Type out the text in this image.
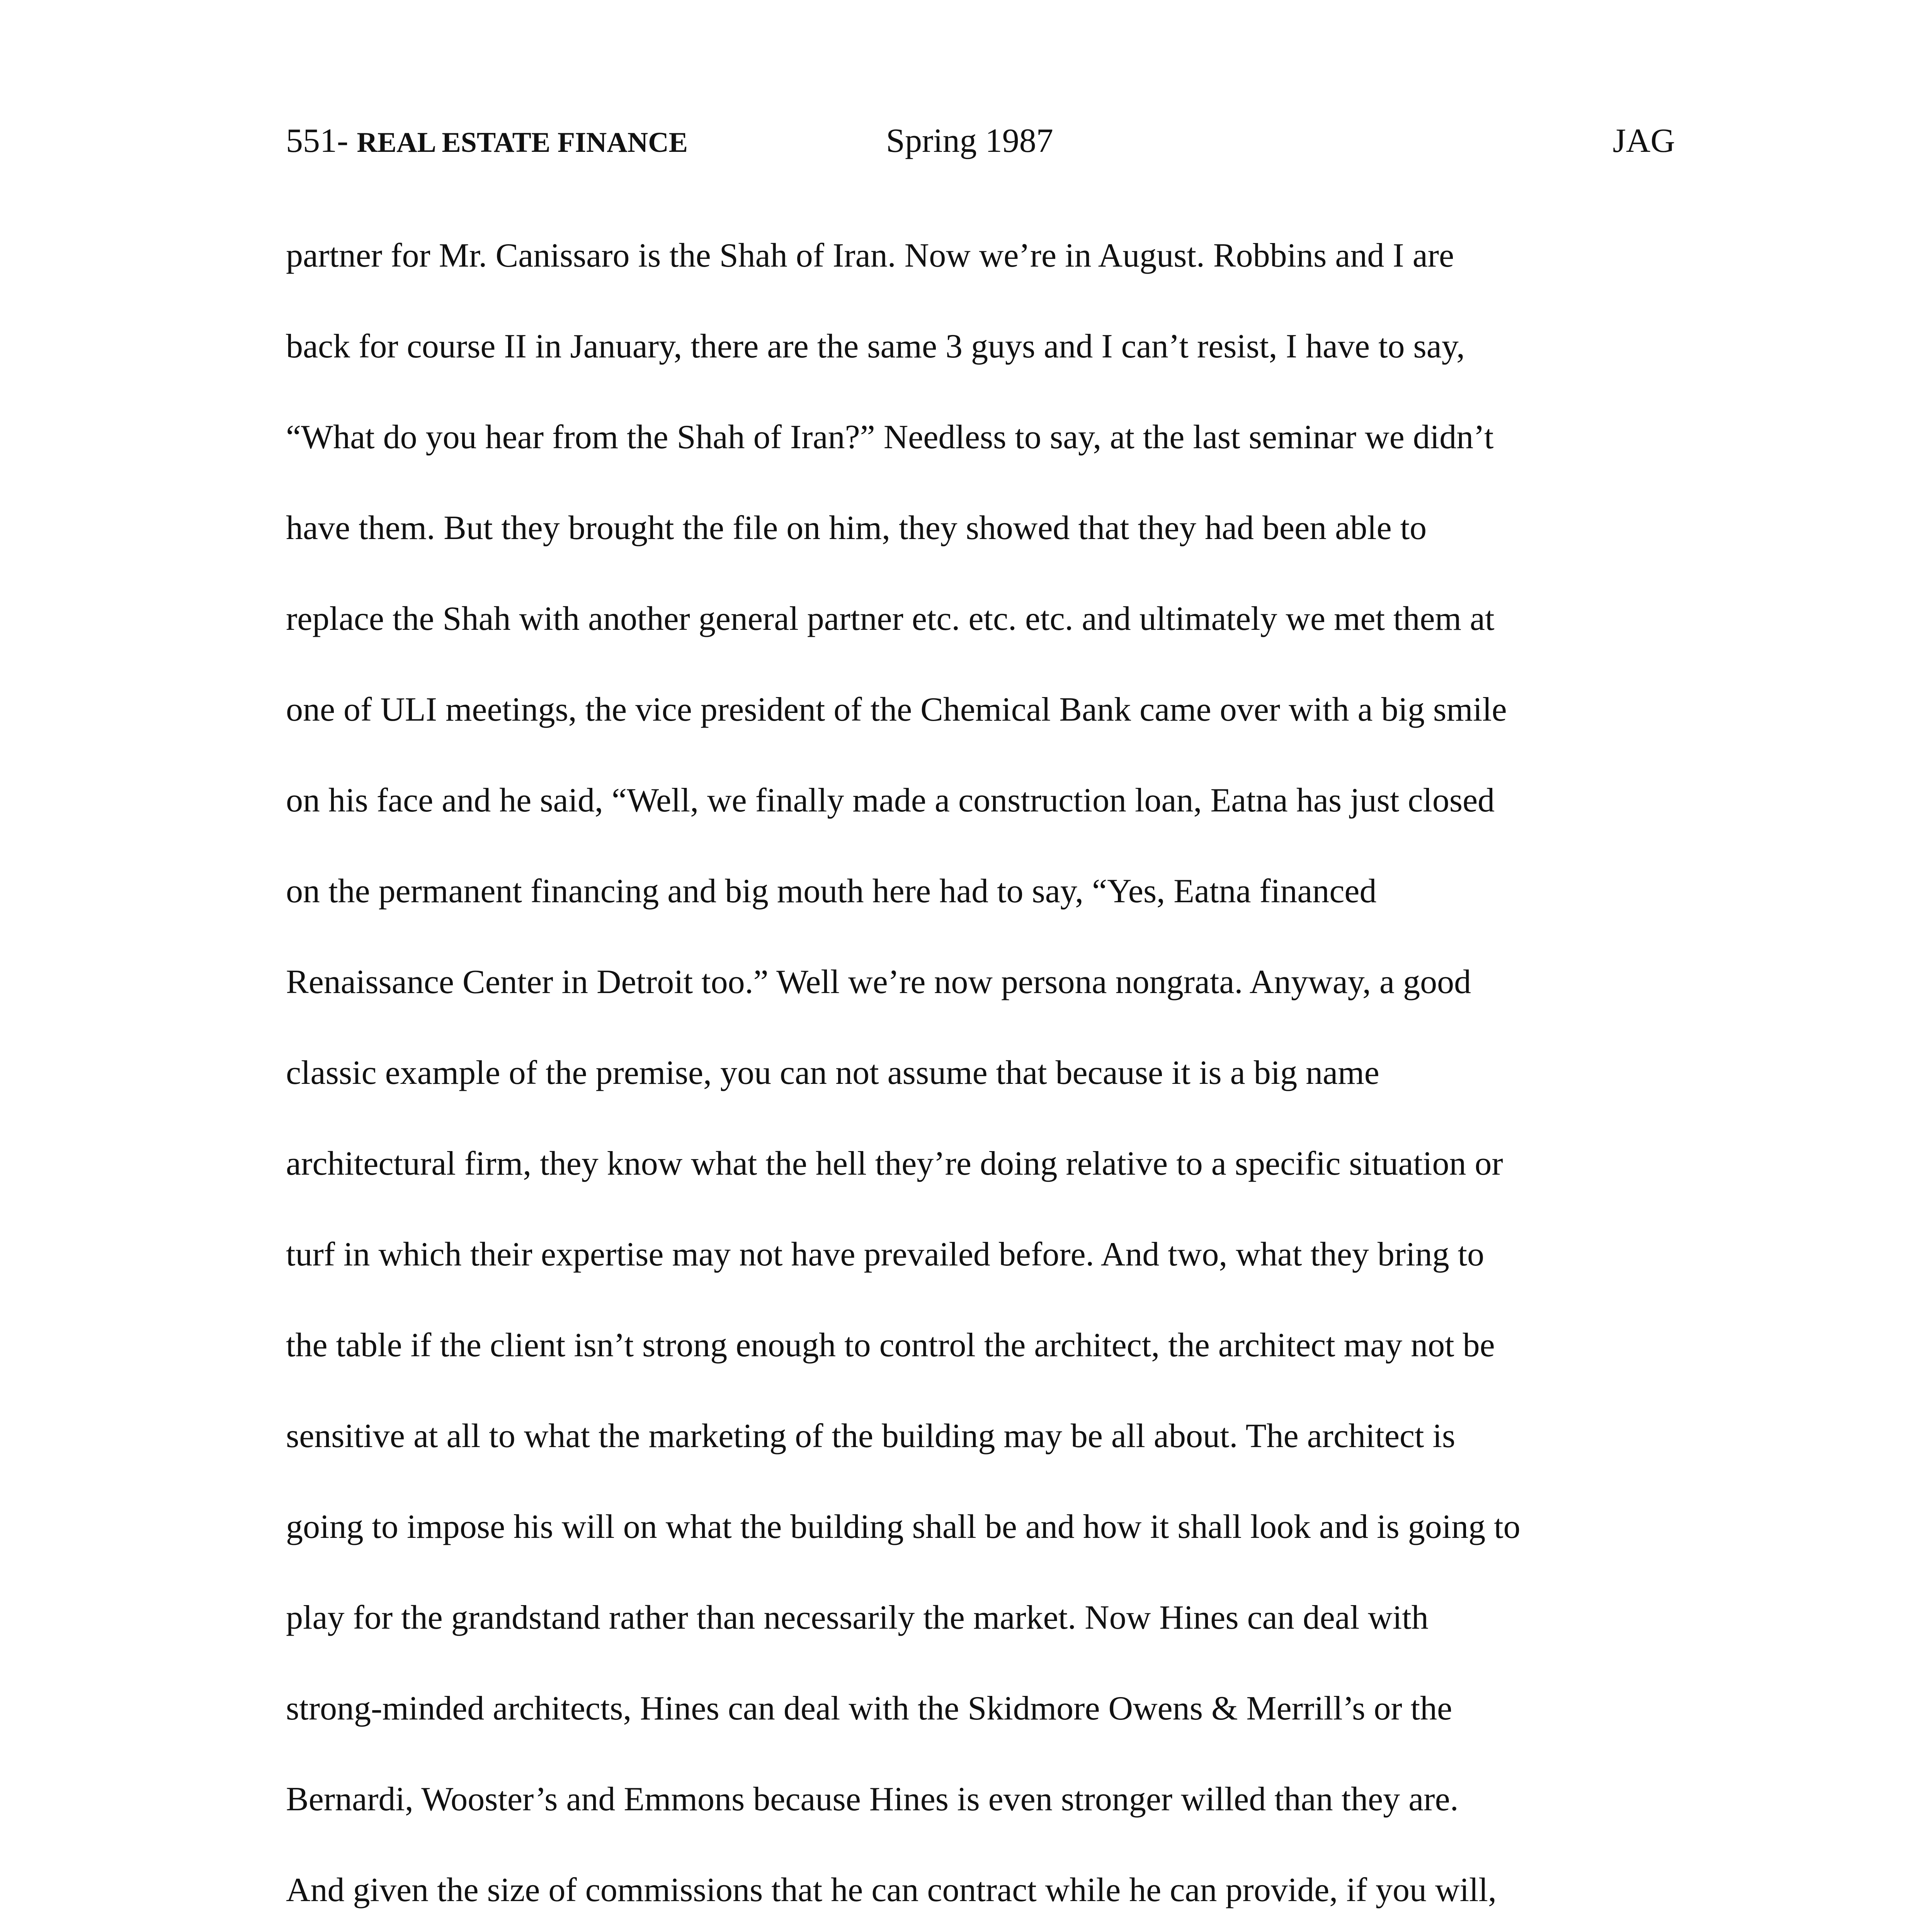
551- REAL ESTATE FINANCE	Spring 1987	JAG
partner for Mr. Canissaro is the Shah of Iran. Now we’re in August. Robbins and I are
back for course II in January, there are the same 3 guys and I can’t resist, I have to say,
“What do you hear from the Shah of Iran?” Needless to say, at the last seminar we didn’t
have them. But they brought the file on him, they showed that they had been able to
replace the Shah with another general partner etc. etc. etc. and ultimately we met them at
one of ULI meetings, the vice president of the Chemical Bank came over with a big smile
on his face and he said, “Well, we finally made a construction loan, Eatna has just closed
on the permanent financing and big mouth here had to say, “Yes, Eatna financed
Renaissance Center in Detroit too.” Well we’re now persona nongrata. Anyway, a good
classic example of the premise, you can not assume that because it is a big name
architectural firm, they know what the hell they’re doing relative to a specific situation or
turf in which their expertise may not have prevailed before. And two, what they bring to
the table if the client isn’t strong enough to control the architect, the architect may not be
sensitive at all to what the marketing of the building may be all about. The architect is
going to impose his will on what the building shall be and how it shall look and is going to
play for the grandstand rather than necessarily the market. Now Hines can deal with
strong-minded architects, Hines can deal with the Skidmore Owens & Merrill’s or the
Bernardi, Wooster’s and Emmons because Hines is even stronger willed than they are.
And given the size of commissions that he can contract while he can provide, if you will,
